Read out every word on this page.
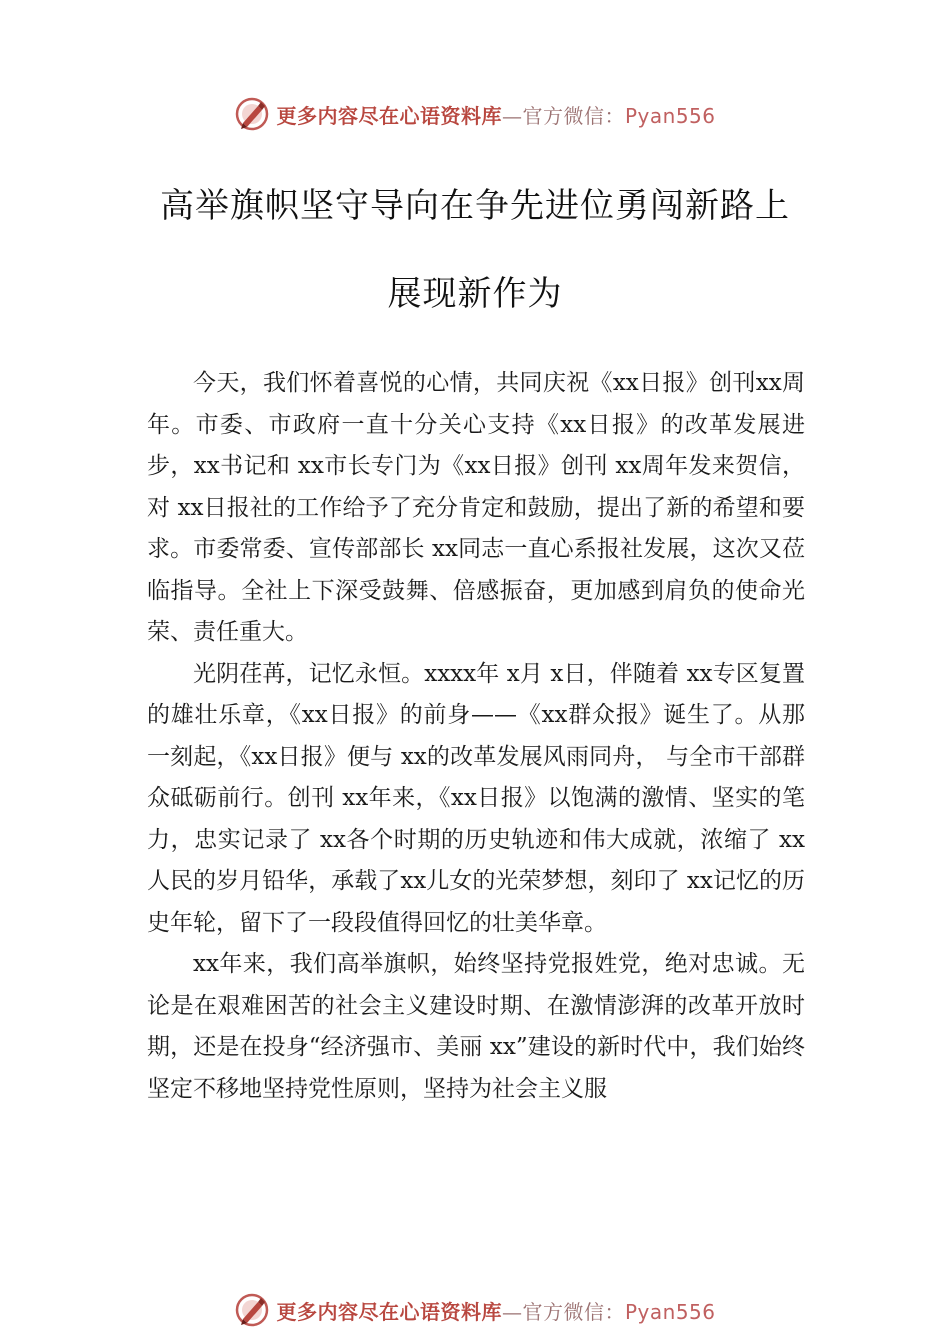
更多内容尽在心语资料库—官方微信：Pyan556
高举旗帜坚守导向在争先进位勇闯新路上
展现新作为

今天，我们怀着喜悦的心情，共同庆祝《xx日报》创刊xx周年。市委、市政府一直十分关心支持《xx日报》的改革发展进步，xx书记和 xx市长专门为《xx日报》创刊 xx周年发来贺信，对 xx日报社的工作给予了充分肯定和鼓励，提出了新的希望和要求。市委常委、宣传部部长 xx同志一直心系报社发展，这次又莅临指导。全社上下深受鼓舞、倍感振奋，更加感到肩负的使命光荣、责任重大。

光阴荏苒，记忆永恒。xxxx年 x月 x日，伴随着 xx专区复置的雄壮乐章，《xx日报》的前身——《xx群众报》诞生了。从那一刻起，《xx日报》便与 xx的改革发展风雨同舟， 与全市干部群众砥砺前行。创刊 xx年来，《xx日报》以饱满的激情、坚实的笔力，忠实记录了 xx各个时期的历史轨迹和伟大成就，浓缩了 xx人民的岁月铅华，承载了xx儿女的光荣梦想，刻印了 xx记忆的历史年轮，留下了一段段值得回忆的壮美华章。

xx年来，我们高举旗帜，始终坚持党报姓党，绝对忠诚。无论是在艰难困苦的社会主义建设时期、在激情澎湃的改革开放时期，还是在投身“经济强市、美丽 xx”建设的新时代中，我们始终坚定不移地坚持党性原则，坚持为社会主义服

更多内容尽在心语资料库—官方微信：Pyan556
